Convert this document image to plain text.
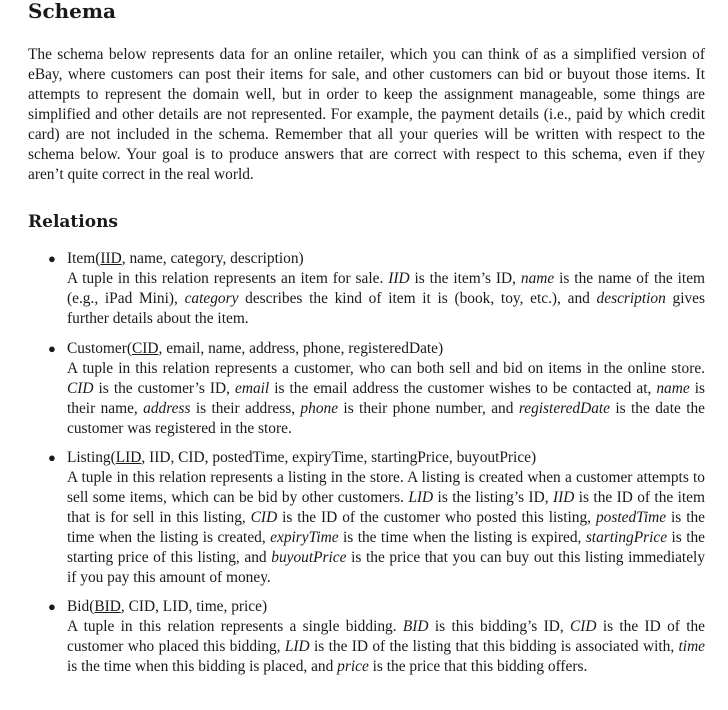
Schema

The schema below represents data for an online retailer, which you can think of as a simplified version of eBay, where customers can post their items for sale, and other customers can bid or buyout those items. It attempts to represent the domain well, but in order to keep the assignment manageable, some things are simplified and other details are not represented. For example, the payment details (i.e., paid by which credit card) are not included in the schema. Remember that all your queries will be written with respect to the schema below. Your goal is to produce answers that are correct with respect to this schema, even if they aren’t quite correct in the real world.

Relations
● Item(IID, name, category, description)

A tuple in this relation represents an item for sale. IID is the item’s ID, name is the name of the item (e.g., iPad Mini), category describes the kind of item it is (book, toy, etc.), and description gives further details about the item.

● Customer(CID, email, name, address, phone, registeredDate)

A tuple in this relation represents a customer, who can both sell and bid on items in the online store. CID is the customer’s ID, email is the email address the customer wishes to be contacted at, name is their name, address is their address, phone is their phone number, and registeredDate is the date the customer was registered in the store.

● Listing(LID, IID, CID, postedTime, expiryTime, startingPrice, buyoutPrice)

A tuple in this relation represents a listing in the store. A listing is created when a customer attempts to sell some items, which can be bid by other customers. LID is the listing’s ID, IID is the ID of the item that is for sell in this listing, CID is the ID of the customer who posted this listing, postedTime is the time when the listing is created, expiryTime is the time when the listing is expired, startingPrice is the starting price of this listing, and buyoutPrice is the price that you can buy out this listing immediately if you pay this amount of money.

● Bid(BID, CID, LID, time, price)

A tuple in this relation represents a single bidding. BID is this bidding’s ID, CID is the ID of the customer who placed this bidding, LID is the ID of the listing that this bidding is associated with, time is the time when this bidding is placed, and price is the price that this bidding offers.
